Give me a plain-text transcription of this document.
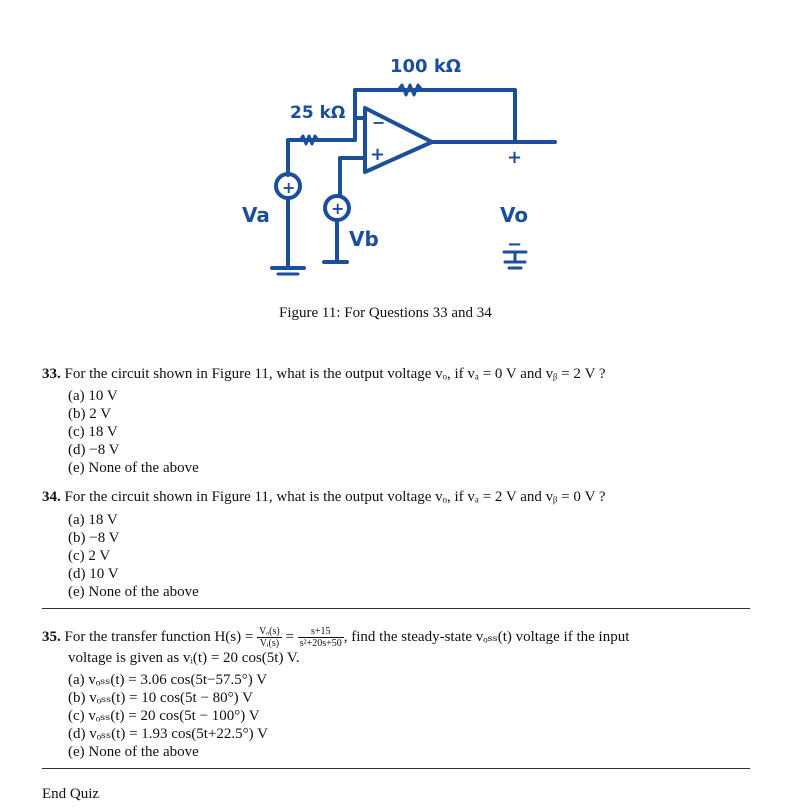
−
+
+
+
+
−
100 kΩ
25 kΩ
Va
Vb
Vo
Figure 11: For Questions 33 and 34
33. For the circuit shown in Figure 11, what is the output voltage vₒ, if vₐ = 0 V and vᵦ = 2 V ?
(a) 10 V
(b) 2 V
(c) 18 V
(d) −8 V
(e) None of the above
34. For the circuit shown in Figure 11, what is the output voltage vₒ, if vₐ = 2 V and vᵦ = 0 V ?
(a) 18 V
(b) −8 V
(c) 2 V
(d) 10 V
(e) None of the above
35. For the transfer function $H(s) = \frac{\text{Vₒ(s)}}{\text{Vᵢ(s)}} = \frac{s+15}{\text{s²+20s+50}}$ , find the steady-state vₒₛₛ(t) voltage if the input
voltage is given as vᵢ(t) = 20 cos(5t) V.
(a) vₒₛₛ(t) = 3.06 cos(5t−57.5°) V
(b) vₒₛₛ(t) = 10 cos(5t − 80°) V
(c) vₒₛₛ(t) = 20 cos(5t − 100°) V
(d) vₒₛₛ(t) = 1.93 cos(5t+22.5°) V
(e) None of the above
End Quiz
